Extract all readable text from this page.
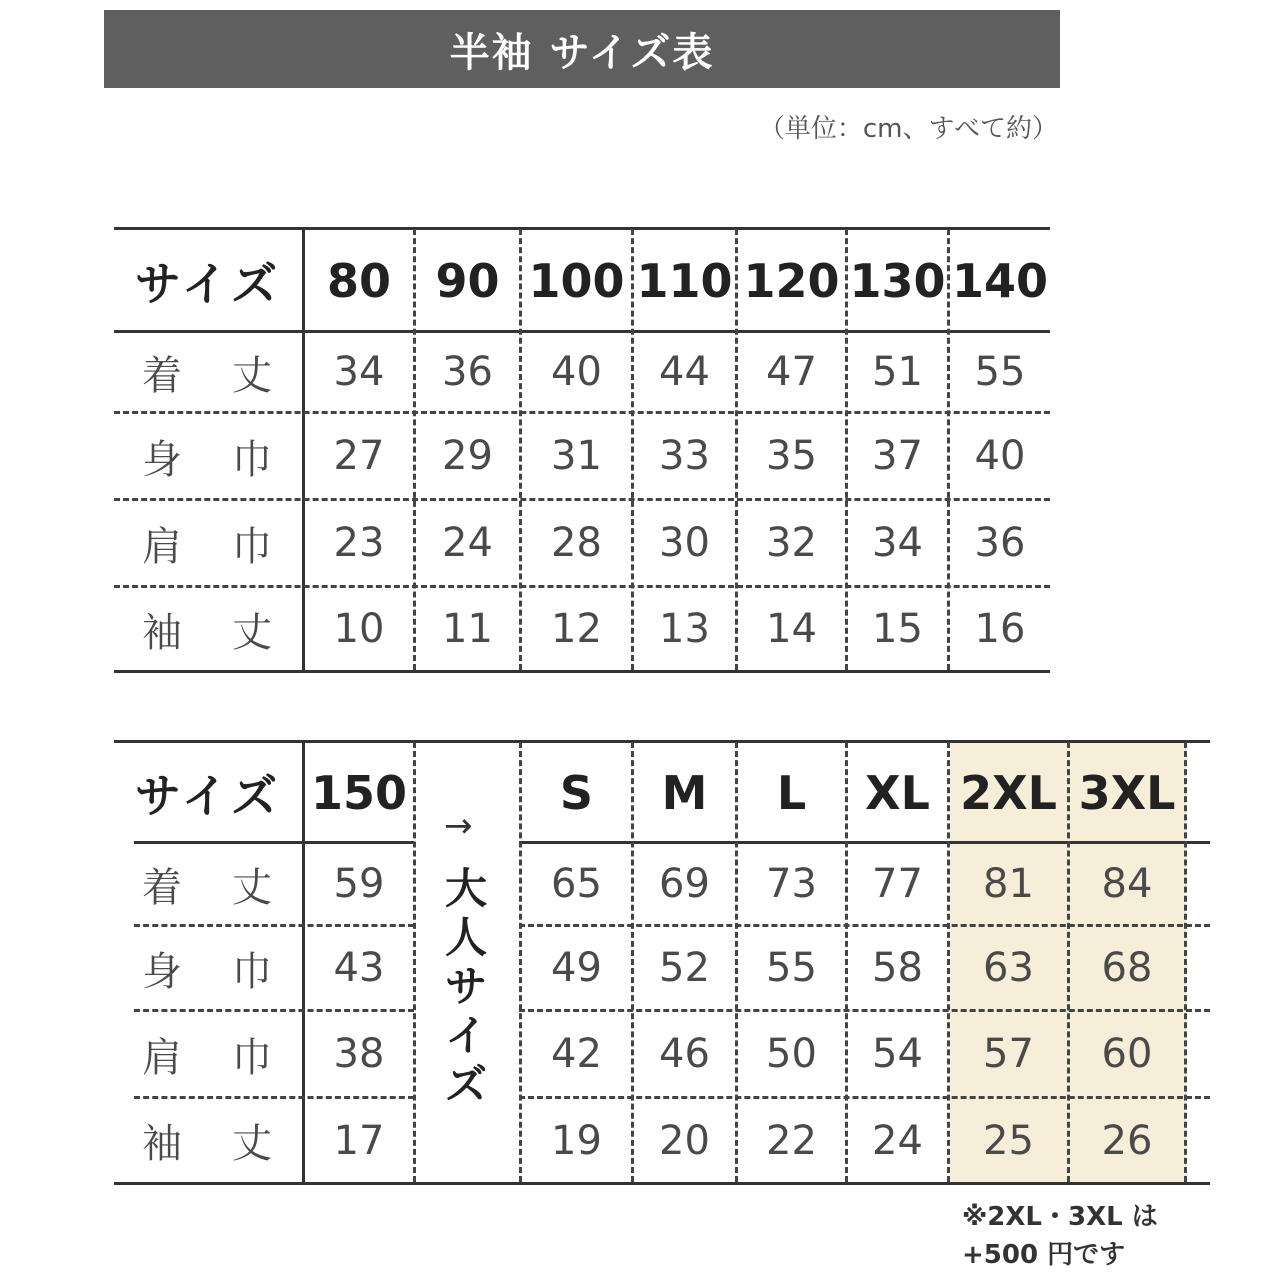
半袖 サイズ表
（単位：cm、すべて約）
サイズ 80 90 100 110 120 130 140
着 丈	34	36	40	44	47	51	55
身 巾	27	29	31	33	35	37	40
肩 巾	23	24	28	30	32	34	36
袖 丈	10	11	12	13	14	15	16
サイズ 150	S	M	L	XL 2XL 3XL
→
大人サイズ
着 丈	59	65	69	73	77	81	84
身 巾	43	49	52	55	58	63	68
肩 巾	38	42	46	50	54	57	60
袖 丈	17	19	20	22	24	25	26
※2XL・3XL は +500 円です
